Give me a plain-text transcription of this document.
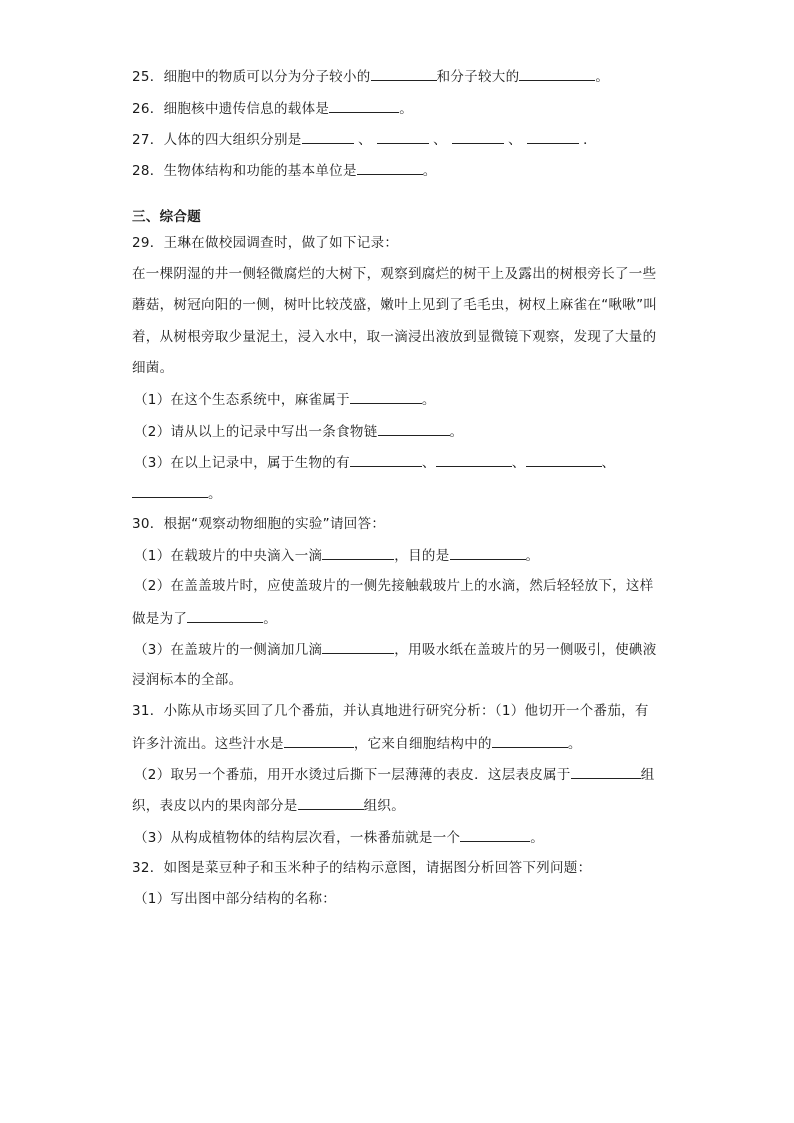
25．细胞中的物质可以分为分子较小的	和分子较大的	。
26．细胞核中遗传信息的载体是	。
27．人体的四大组织分别是	、	、	、	．
28．生物体结构和功能的基本单位是	。
三、综合题
29．王琳在做校园调查时，做了如下记录：
在一棵阴湿的井一侧轻微腐烂的大树下，观察到腐烂的树干上及露出的树根旁长了一些
蘑菇，树冠向阳的一侧，树叶比较茂盛，嫩叶上见到了毛毛虫，树杈上麻雀在“啾啾”叫
着，从树根旁取少量泥土，浸入水中，取一滴浸出液放到显微镜下观察，发现了大量的
细菌。
（1）在这个生态系统中，麻雀属于	。
（2）请从以上的记录中写出一条食物链	。
（3）在以上记录中，属于生物的有	、	、	、
。
30．根据“观察动物细胞的实验”请回答：
（1）在载玻片的中央滴入一滴	，目的是	。
（2）在盖盖玻片时，应使盖玻片的一侧先接触载玻片上的水滴，然后轻轻放下，这样
做是为了	。
（3）在盖玻片的一侧滴加几滴	，用吸水纸在盖玻片的另一侧吸引，使碘液
浸润标本的全部。
31．小陈从市场买回了几个番茄，并认真地进行研究分析：（1）他切开一个番茄，有
许多汁流出。这些汁水是	，它来自细胞结构中的	。
（2）取另一个番茄，用开水烫过后撕下一层薄薄的表皮．这层表皮属于	组
织，表皮以内的果肉部分是	组织。
（3）从构成植物体的结构层次看，一株番茄就是一个	。
32．如图是菜豆种子和玉米种子的结构示意图，请据图分析回答下列问题：
（1）写出图中部分结构的名称：
